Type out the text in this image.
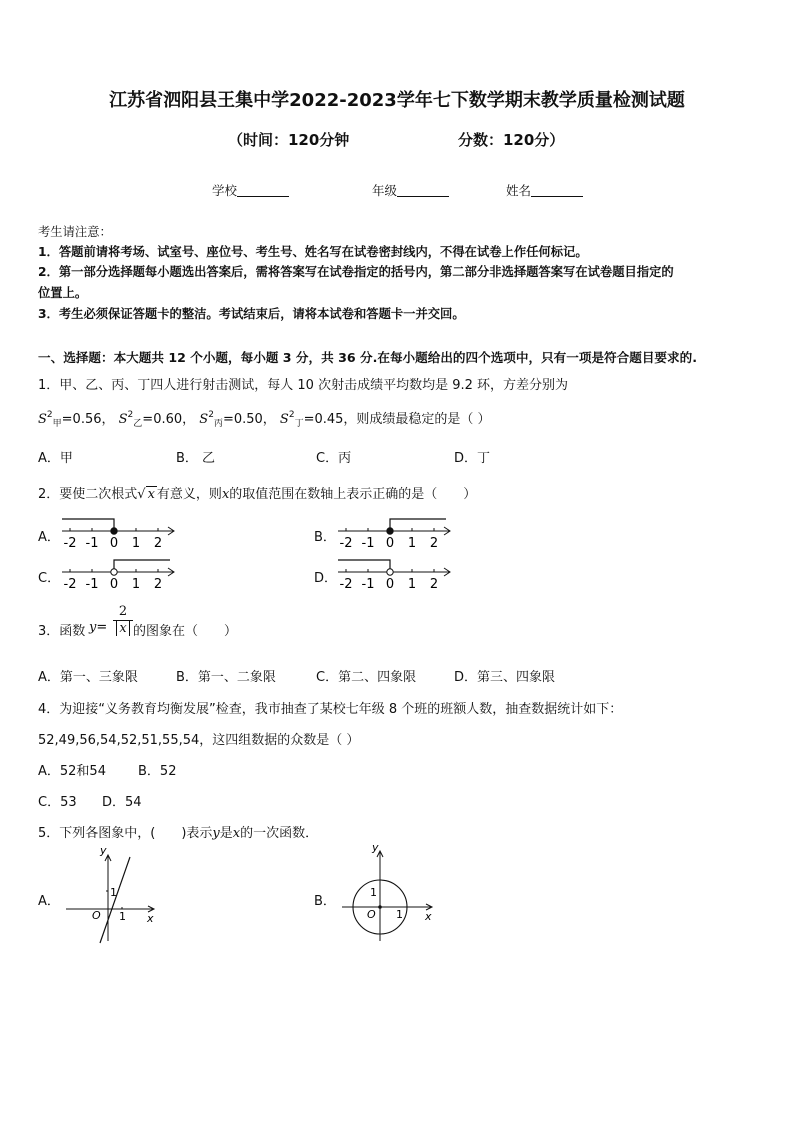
江苏省泗阳县王集中学2022-2023学年七下数学期末教学质量检测试题
（时间：120分钟	分数：120分）
学校	年级	姓名
考生请注意：
1．答题前请将考场、试室号、座位号、考生号、姓名写在试卷密封线内，不得在试卷上作任何标记。
2．第一部分选择题每小题选出答案后，需将答案写在试卷指定的括号内，第二部分非选择题答案写在试卷题目指定的
位置上。
3．考生必须保证答题卡的整洁。考试结束后，请将本试卷和答题卡一并交回。
一、选择题：本大题共 12 个小题，每小题 3 分，共 36 分.在每小题给出的四个选项中，只有一项是符合题目要求的.
1．甲、乙、丙、丁四人进行射击测试，每人 10 次射击成绩平均数均是 9.2 环，方差分别为
$S^2_甲=0.56$， $S^2_乙=0.60$， $S^2_丙=0.50$， $S^2_丁=0.45$，则成绩最稳定的是（ ）
A．甲	B． 乙	C．丙	D．丁
2．要使二次根式√ x 有意义，则x的取值范围在数轴上表示正确的是（　　）
A．	B．
C．	D．
-2 -1 0 1 2	-2 -1 0 1 2
-2 -1 0 1 2	-2 -1 0 1 2
3．函数 y=
2
x 的图象在（　　）
A．第一、三象限	B．第一、二象限	C．第二、四象限	D．第三、四象限
4．为迎接“义务教育均衡发展”检查，我市抽查了某校七年级 8 个班的班额人数，抽查数据统计如下：
52,49,56,54,52,51,55,54，这四组数据的众数是（ ）
A．52和54 B．52
C．53 D．54
5．下列各图象中，(　　)表示y是x的一次函数．
A．	B．
y
x
O
1
1
y
x
O
1
1
